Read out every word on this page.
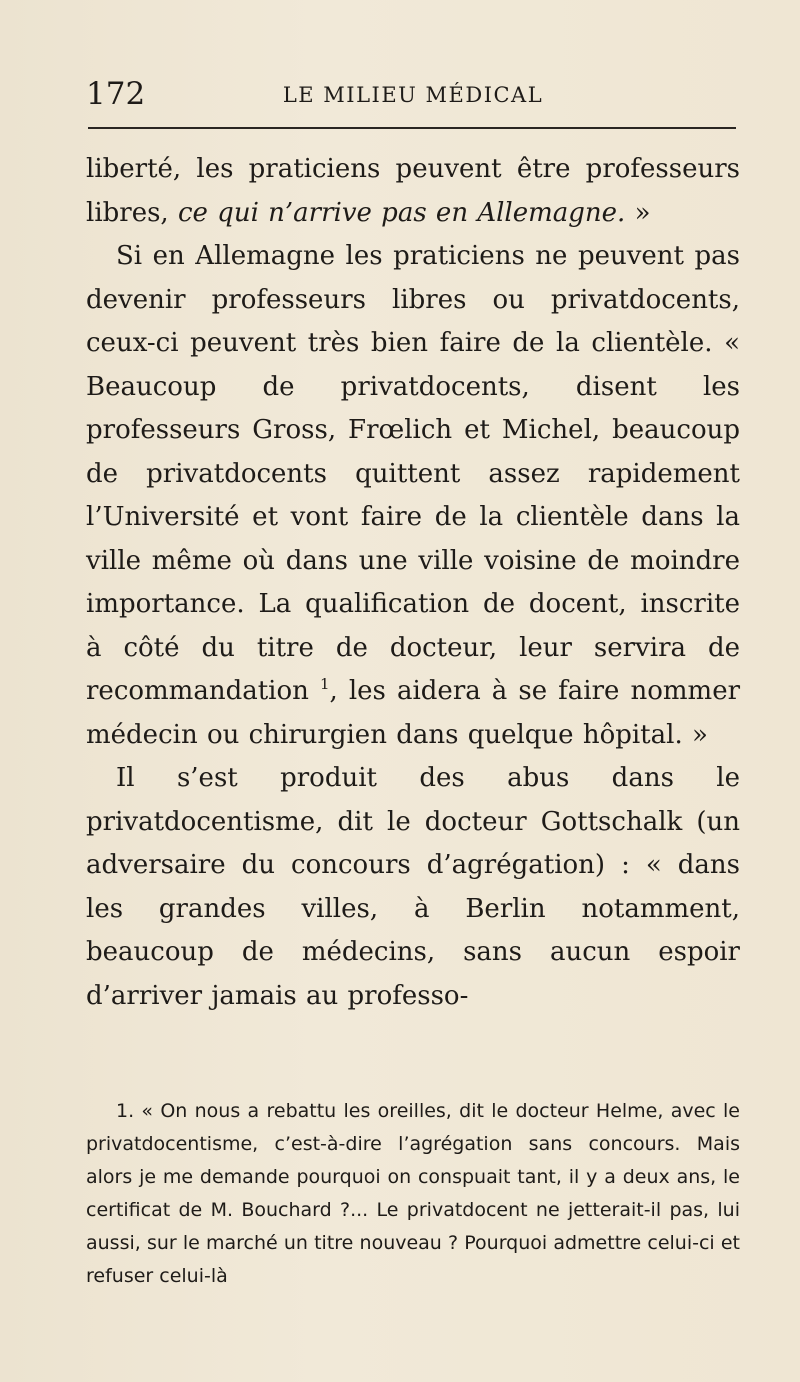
172	LE MILIEU MÉDICAL

liberté, les praticiens peuvent être professeurs libres, ce qui n’arrive pas en Allemagne. »

Si en Allemagne les praticiens ne peuvent pas devenir professeurs libres ou privatdocents, ceux-ci peuvent très bien faire de la clientèle. « Beaucoup de privatdocents, disent les professeurs Gross, Frœlich et Michel, beaucoup de privatdocents quittent assez rapidement l’Université et vont faire de la clientèle dans la ville même où dans une ville voisine de moindre importance. La qualification de docent, inscrite à côté du titre de docteur, leur servira de recommandation $^1$, les aidera à se faire nommer médecin ou chirurgien dans quelque hôpital. »

Il s’est produit des abus dans le privatdocentisme, dit le docteur Gottschalk (un adversaire du concours d’agrégation) : « dans les grandes villes, à Berlin notamment, beaucoup de médecins, sans aucun espoir d’arriver jamais au professo-

1. « On nous a rebattu les oreilles, dit le docteur Helme, avec le privatdocentisme, c’est-à-dire l’agrégation sans concours. Mais alors je me demande pourquoi on conspuait tant, il y a deux ans, le certificat de M. Bouchard ?... Le privatdocent ne jetterait-il pas, lui aussi, sur le marché un titre nouveau ? Pourquoi admettre celui-ci et refuser celui-là
